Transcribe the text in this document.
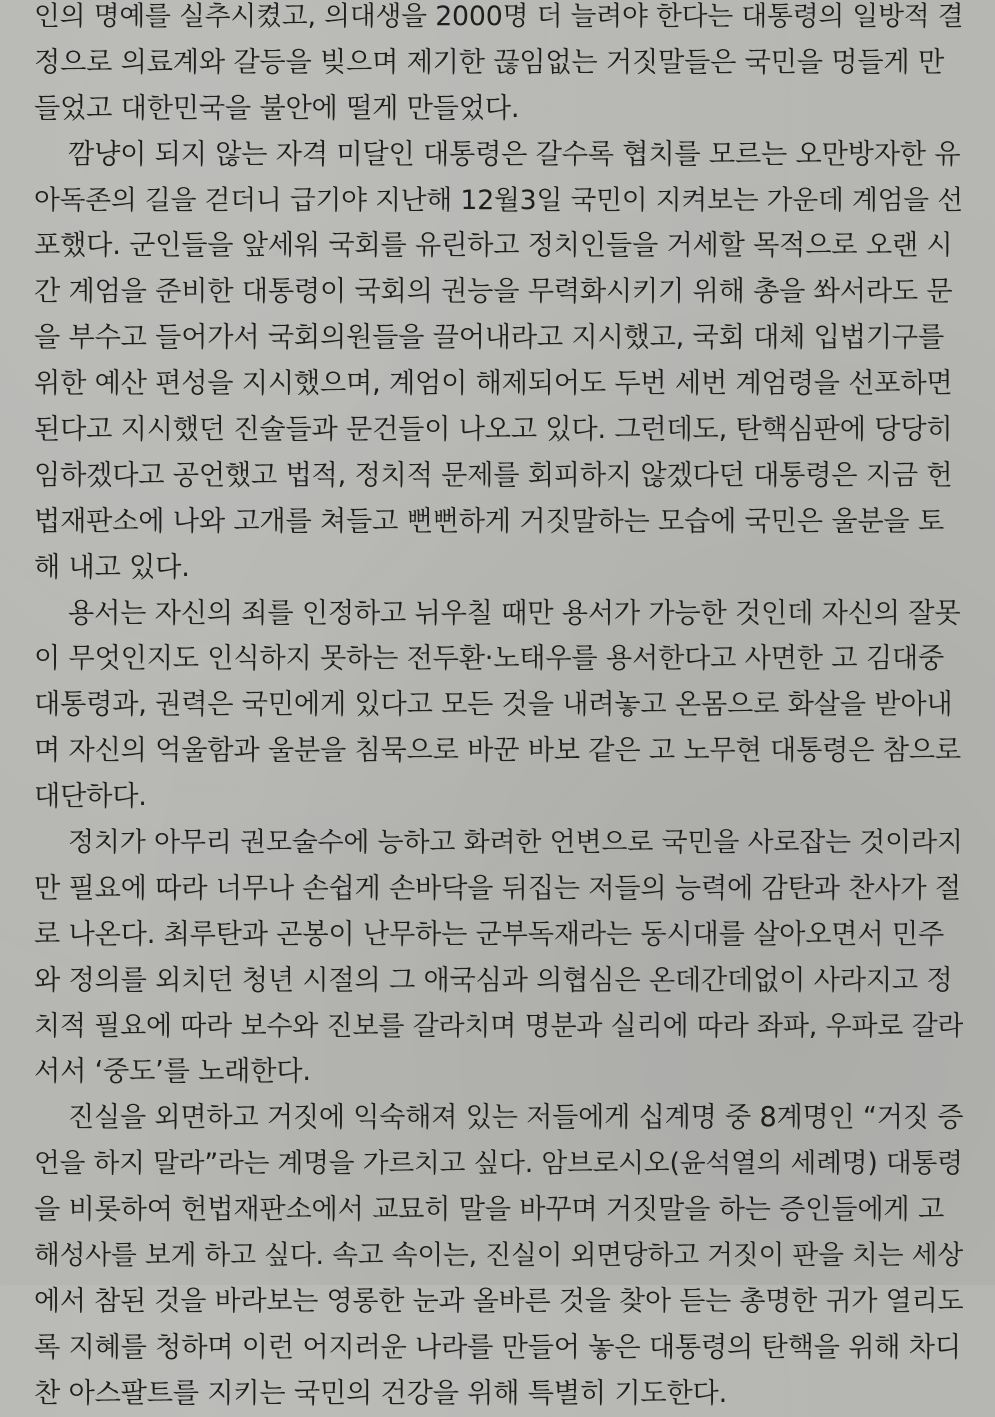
인의 명예를 실추시켰고, 의대생을 2000명 더 늘려야 한다는 대통령의 일방적 결
정으로 의료계와 갈등을 빚으며 제기한 끊임없는 거짓말들은 국민을 멍들게 만
들었고 대한민국을 불안에 떨게 만들었다.
깜냥이 되지 않는 자격 미달인 대통령은 갈수록 협치를 모르는 오만방자한 유
아독존의 길을 걷더니 급기야 지난해 12월3일 국민이 지켜보는 가운데 계엄을 선
포했다. 군인들을 앞세워 국회를 유린하고 정치인들을 거세할 목적으로 오랜 시
간 계엄을 준비한 대통령이 국회의 권능을 무력화시키기 위해 총을 쏴서라도 문
을 부수고 들어가서 국회의원들을 끌어내라고 지시했고, 국회 대체 입법기구를
위한 예산 편성을 지시했으며, 계엄이 해제되어도 두번 세번 계엄령을 선포하면
된다고 지시했던 진술들과 문건들이 나오고 있다. 그런데도, 탄핵심판에 당당히
임하겠다고 공언했고 법적, 정치적 문제를 회피하지 않겠다던 대통령은 지금 헌
법재판소에 나와 고개를 쳐들고 뻔뻔하게 거짓말하는 모습에 국민은 울분을 토
해 내고 있다.
용서는 자신의 죄를 인정하고 뉘우칠 때만 용서가 가능한 것인데 자신의 잘못
이 무엇인지도 인식하지 못하는 전두환·노태우를 용서한다고 사면한 고 김대중
대통령과, 권력은 국민에게 있다고 모든 것을 내려놓고 온몸으로 화살을 받아내
며 자신의 억울함과 울분을 침묵으로 바꾼 바보 같은 고 노무현 대통령은 참으로
대단하다.
정치가 아무리 권모술수에 능하고 화려한 언변으로 국민을 사로잡는 것이라지
만 필요에 따라 너무나 손쉽게 손바닥을 뒤집는 저들의 능력에 감탄과 찬사가 절
로 나온다. 최루탄과 곤봉이 난무하는 군부독재라는 동시대를 살아오면서 민주
와 정의를 외치던 청년 시절의 그 애국심과 의협심은 온데간데없이 사라지고 정
치적 필요에 따라 보수와 진보를 갈라치며 명분과 실리에 따라 좌파, 우파로 갈라
서서 ‘중도’를 노래한다.
진실을 외면하고 거짓에 익숙해져 있는 저들에게 십계명 중 8계명인 “거짓 증
언을 하지 말라”라는 계명을 가르치고 싶다. 암브로시오(윤석열의 세례명) 대통령
을 비롯하여 헌법재판소에서 교묘히 말을 바꾸며 거짓말을 하는 증인들에게 고
해성사를 보게 하고 싶다. 속고 속이는, 진실이 외면당하고 거짓이 판을 치는 세상
에서 참된 것을 바라보는 영롱한 눈과 올바른 것을 찾아 듣는 총명한 귀가 열리도
록 지혜를 청하며 이런 어지러운 나라를 만들어 놓은 대통령의 탄핵을 위해 차디
찬 아스팔트를 지키는 국민의 건강을 위해 특별히 기도한다.
